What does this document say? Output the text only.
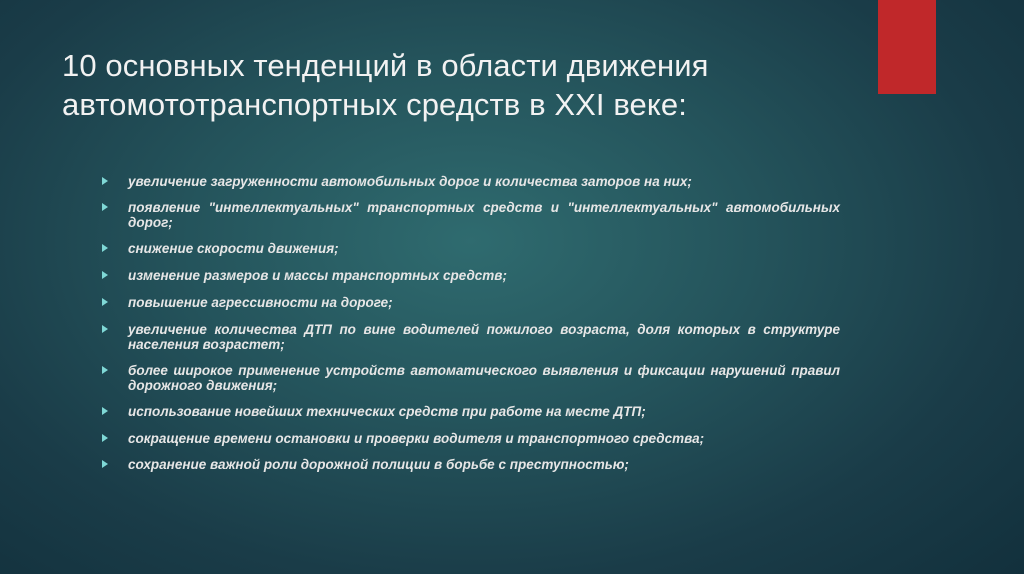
10 основных тенденций в области движения автомототранспортных средств в XXI веке:
увеличение загруженности автомобильных дорог и количества заторов на них;
появление "интеллектуальных" транспортных средств и "интеллектуальных" автомобильных дорог;
снижение скорости движения;
изменение размеров и массы транспортных средств;
повышение агрессивности на дороге;
увеличение количества ДТП по вине водителей пожилого возраста, доля которых в структуре населения возрастет;
более широкое применение устройств автоматического выявления и фиксации нарушений правил дорожного движения;
использование новейших технических средств при работе на месте ДТП;
сокращение времени остановки и проверки водителя и транспортного средства;
сохранение важной роли дорожной полиции в борьбе с преступностью;
